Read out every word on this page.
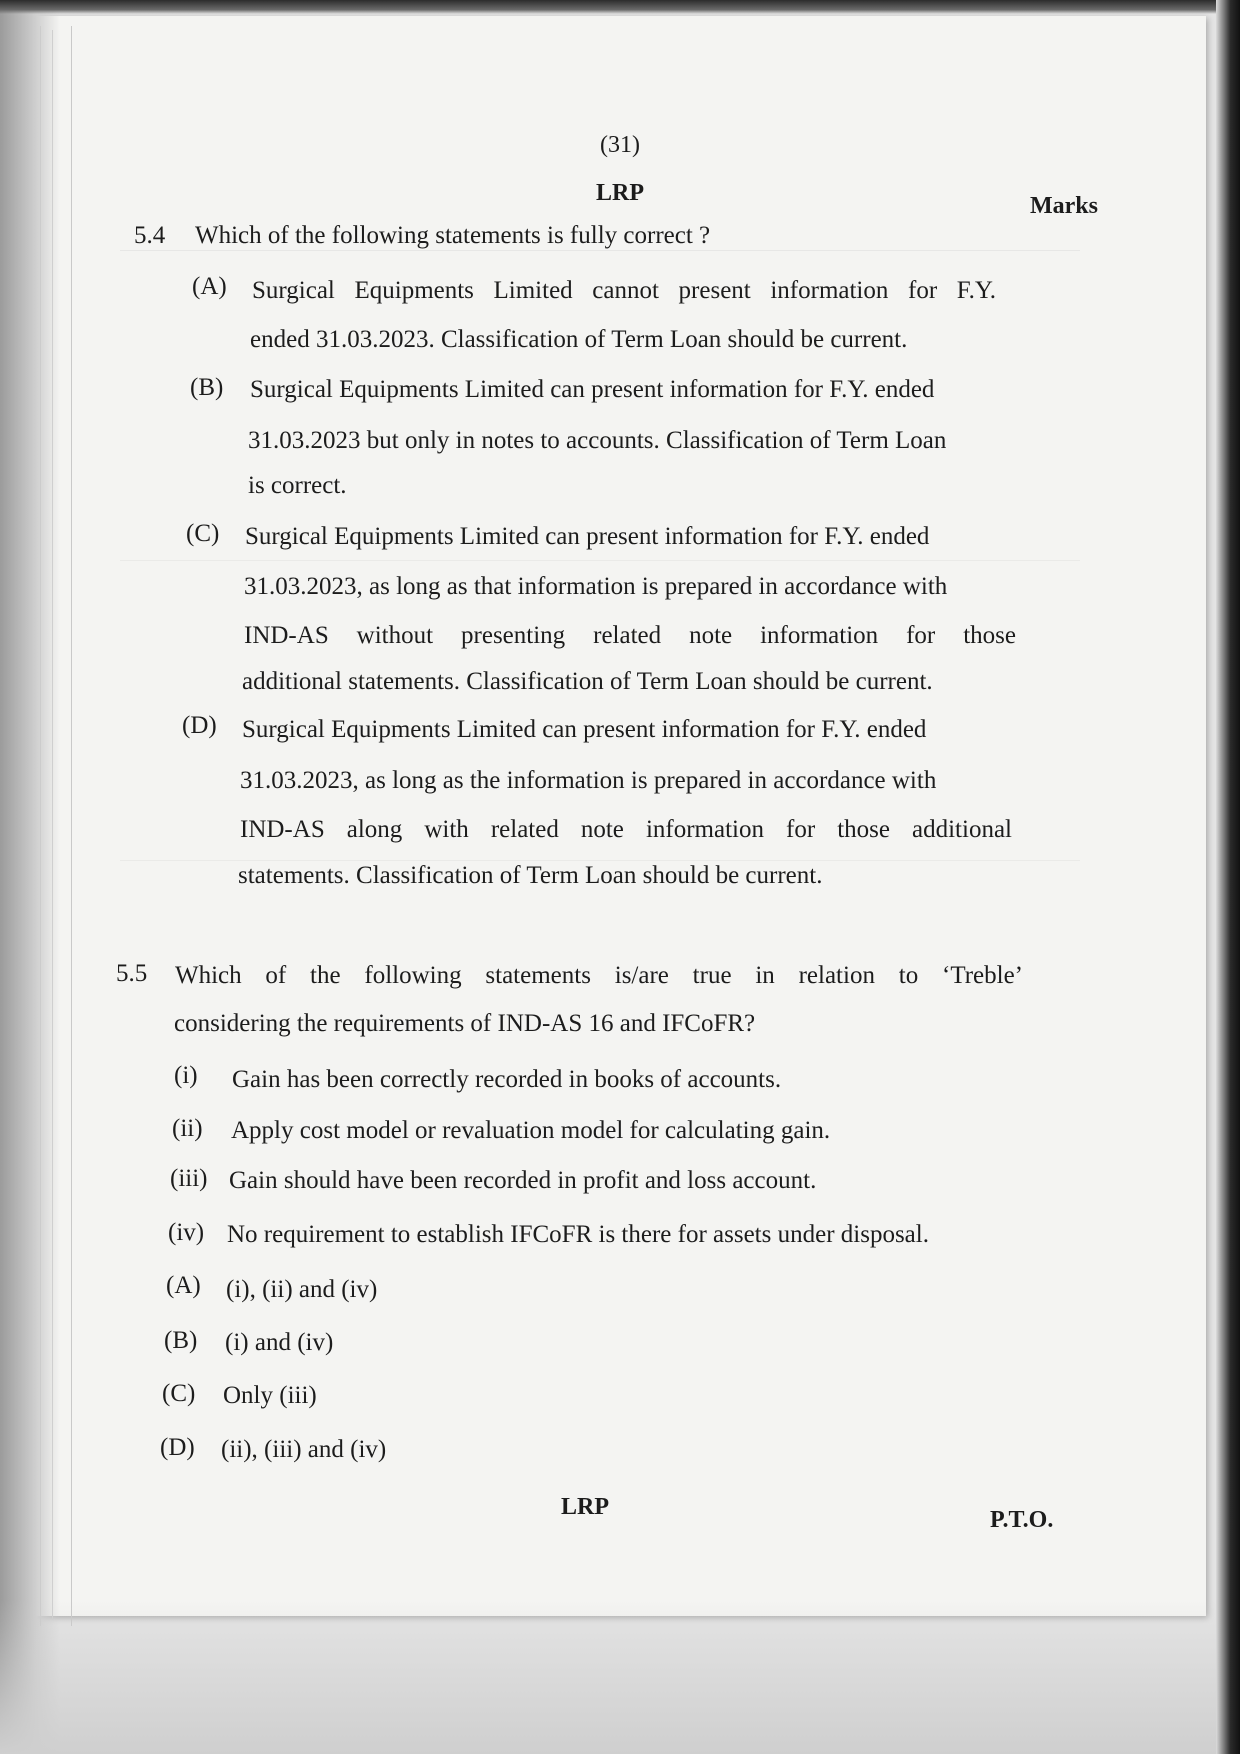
(31)
LRP	Marks
5.4 Which of the following statements is fully correct ?
(A) Surgical Equipments Limited cannot present information for F.Y.
ended 31.03.2023. Classification of Term Loan should be current.
(B) Surgical Equipments Limited can present information for F.Y. ended
31.03.2023 but only in notes to accounts. Classification of Term Loan
is correct.
(C) Surgical Equipments Limited can present information for F.Y. ended
31.03.2023, as long as that information is prepared in accordance with
IND-AS without presenting related note information for those
additional statements. Classification of Term Loan should be current.
(D) Surgical Equipments Limited can present information for F.Y. ended
31.03.2023, as long as the information is prepared in accordance with
IND-AS along with related note information for those additional
statements. Classification of Term Loan should be current.
5.5 Which of the following statements is/are true in relation to ‘Treble’
considering the requirements of IND-AS 16 and IFCoFR?
(i) Gain has been correctly recorded in books of accounts.
(ii) Apply cost model or revaluation model for calculating gain.
(iii) Gain should have been recorded in profit and loss account.
(iv) No requirement to establish IFCoFR is there for assets under disposal.
(A) (i), (ii) and (iv)
(B) (i) and (iv)
(C) Only (iii)
(D) (ii), (iii) and (iv)
LRP	P.T.O.
